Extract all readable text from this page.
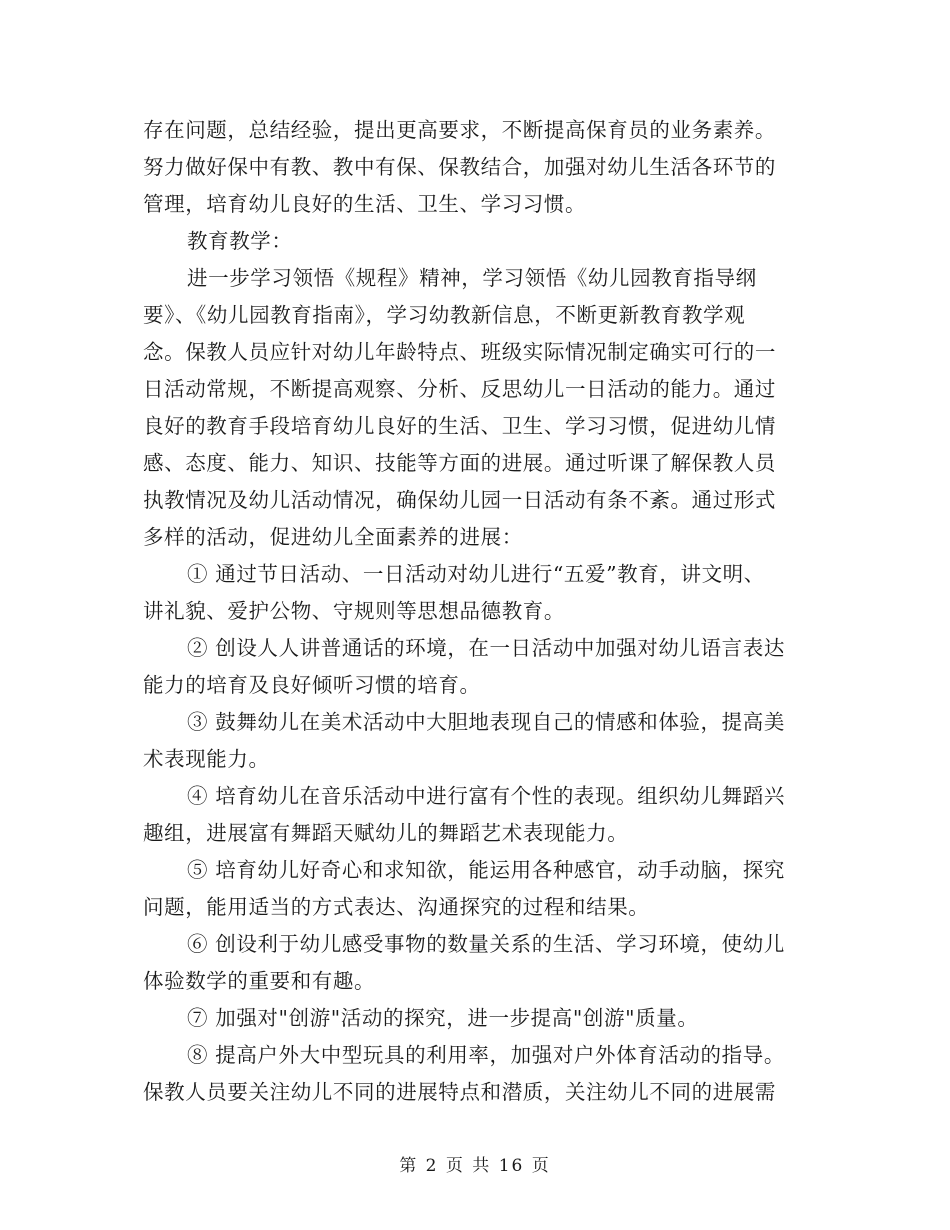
存在问题，总结经验，提出更高要求，不断提高保育员的业务素养。
努力做好保中有教、教中有保、保教结合，加强对幼儿生活各环节的
管理，培育幼儿良好的生活、卫生、学习习惯。
教育教学：
进一步学习领悟《规程》精神，学习领悟《幼儿园教育指导纲
要》、《幼儿园教育指南》，学习幼教新信息，不断更新教育教学观
念。保教人员应针对幼儿年龄特点、班级实际情况制定确实可行的一
日活动常规，不断提高观察、分析、反思幼儿一日活动的能力。通过
良好的教育手段培育幼儿良好的生活、卫生、学习习惯，促进幼儿情
感、态度、能力、知识、技能等方面的进展。通过听课了解保教人员
执教情况及幼儿活动情况，确保幼儿园一日活动有条不紊。通过形式
多样的活动，促进幼儿全面素养的进展：
① 通过节日活动、一日活动对幼儿进行“五爱”教育，讲文明、
讲礼貌、爱护公物、守规则等思想品德教育。
② 创设人人讲普通话的环境，在一日活动中加强对幼儿语言表达
能力的培育及良好倾听习惯的培育。
③ 鼓舞幼儿在美术活动中大胆地表现自己的情感和体验，提高美
术表现能力。
④ 培育幼儿在音乐活动中进行富有个性的表现。组织幼儿舞蹈兴
趣组，进展富有舞蹈天赋幼儿的舞蹈艺术表现能力。
⑤ 培育幼儿好奇心和求知欲，能运用各种感官，动手动脑，探究
问题，能用适当的方式表达、沟通探究的过程和结果。
⑥ 创设利于幼儿感受事物的数量关系的生活、学习环境，使幼儿
体验数学的重要和有趣。
⑦ 加强对"创游"活动的探究，进一步提高"创游"质量。
⑧ 提高户外大中型玩具的利用率，加强对户外体育活动的指导。
保教人员要关注幼儿不同的进展特点和潜质，关注幼儿不同的进展需
第 2 页 共 16 页
